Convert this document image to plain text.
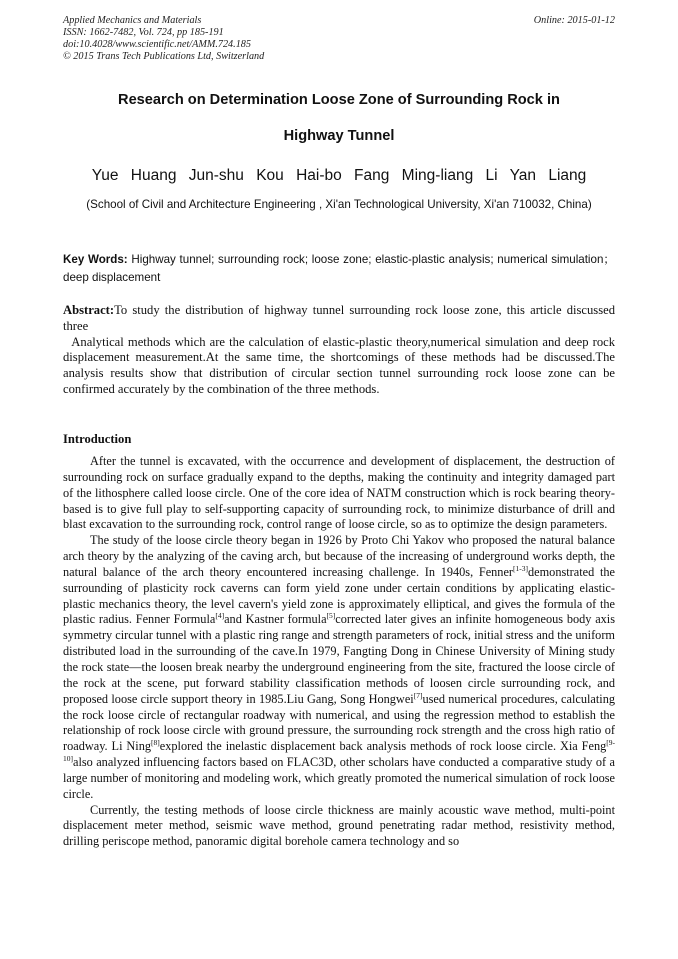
Applied Mechanics and Materials
ISSN: 1662-7482, Vol. 724, pp 185-191
doi:10.4028/www.scientific.net/AMM.724.185
© 2015 Trans Tech Publications Ltd, Switzerland
Online: 2015-01-12
Research on Determination Loose Zone of Surrounding Rock in
Highway Tunnel
Yue Huang Jun-shu Kou Hai-bo Fang Ming-liang Li Yan Liang
(School of Civil and Architecture Engineering , Xi'an Technological University, Xi'an 710032, China)
Key Words: Highway tunnel; surrounding rock; loose zone; elastic-plastic analysis; numerical simulation； deep displacement

Abstract:To study the distribution of highway tunnel surrounding rock loose zone, this article discussed three

Analytical methods which are the calculation of elastic-plastic theory,numerical simulation and deep rock displacement measurement.At the same time, the shortcomings of these methods had be discussed.The analysis results show that distribution of circular section tunnel surrounding rock loose zone can be confirmed accurately by the combination of the three methods.

Introduction

After the tunnel is excavated, with the occurrence and development of displacement, the destruction of surrounding rock on surface gradually expand to the depths, making the continuity and integrity damaged part of the lithosphere called loose circle. One of the core idea of NATM construction which is rock bearing theory-based is to give full play to self-supporting capacity of surrounding rock, to minimize disturbance of drill and blast excavation to the surrounding rock, control range of loose circle, so as to optimize the design parameters.

The study of the loose circle theory began in 1926 by Proto Chi Yakov who proposed the natural balance arch theory by the analyzing of the caving arch, but because of the increasing of underground works depth, the natural balance of the arch theory encountered increasing challenge. In 1940s, Fenner[1-3]demonstrated the surrounding of plasticity rock caverns can form yield zone under certain conditions by applicating elastic-plastic mechanics theory, the level cavern's yield zone is approximately elliptical, and gives the formula of the plastic radius. Fenner Formula[4]and Kastner formula[5]corrected later gives an infinite homogeneous body axis symmetry circular tunnel with a plastic ring range and strength parameters of rock, initial stress and the uniform distributed load in the surrounding of the cave.In 1979, Fangting Dong in Chinese University of Mining study the rock state—the loosen break nearby the underground engineering from the site, fractured the loose circle of the rock at the scene, put forward stability classification methods of loosen circle surrounding rock, and proposed loose circle support theory in 1985.Liu Gang, Song Hongwei[7]used numerical procedures, calculating the rock loose circle of rectangular roadway with numerical, and using the regression method to establish the relationship of rock loose circle with ground pressure, the surrounding rock strength and the cross high ratio of roadway. Li Ning[8]explored the inelastic displacement back analysis methods of rock loose circle. Xia Feng[9-10]also analyzed influencing factors based on FLAC3D, other scholars have conducted a comparative study of a large number of monitoring and modeling work, which greatly promoted the numerical simulation of rock loose circle.

Currently, the testing methods of loose circle thickness are mainly acoustic wave method, multi-point displacement meter method, seismic wave method, ground penetrating radar method, resistivity method, drilling periscope method, panoramic digital borehole camera technology and so
